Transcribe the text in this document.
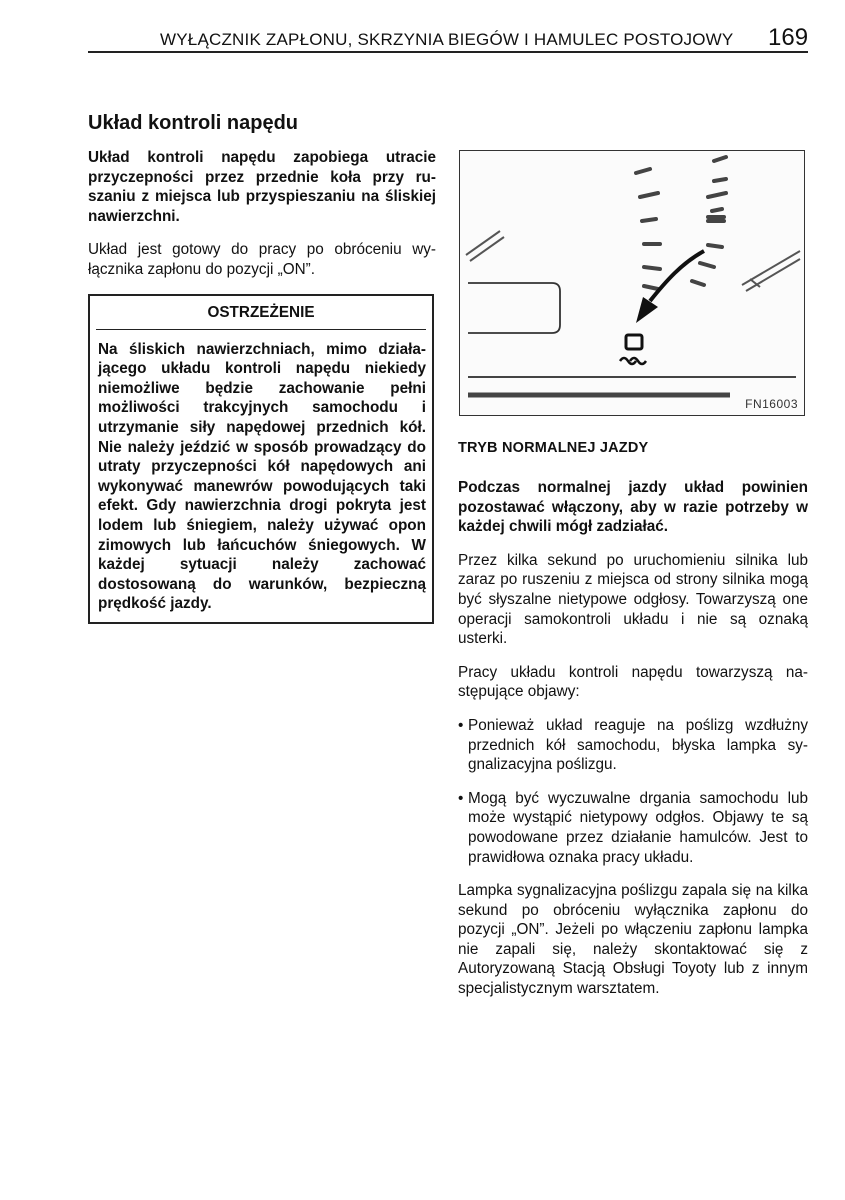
WYŁĄCZNIK ZAPŁONU, SKRZYNIA BIEGÓW I HAMULEC POSTOJOWY 169
Układ kontroli napędu

Układ kontroli napędu zapobiega utracie przyczepności przez przednie koła przy ruszaniu z miejsca lub przyspieszaniu na śliskiej nawierzchni.

Układ jest gotowy do pracy po obróceniu wyłącznika zapłonu do pozycji „ON”.

OSTRZEŻENIE
Na śliskich nawierzchniach, mimo działającego układu kontroli napędu niekiedy niemożliwe będzie zachowanie pełni możliwości trakcyjnych samochodu i utrzymanie siły napędowej przednich kół. Nie należy jeździć w sposób prowadzący do utraty przyczepności kół napędowych ani wykonywać manewrów powodujących taki efekt. Gdy nawierzchnia drogi pokryta jest lodem lub śniegiem, należy używać opon zimowych lub łańcuchów śniegowych. W każdej sytuacji należy zachować dostosowaną do warunków, bezpieczną prędkość jazdy.
FN16003
TRYB NORMALNEJ JAZDY

Podczas normalnej jazdy układ powinien pozostawać włączony, aby w razie potrzeby w każdej chwili mógł zadziałać.

Przez kilka sekund po uruchomieniu silnika lub zaraz po ruszeniu z miejsca od strony silnika mogą być słyszalne nietypowe odgłosy. Towarzyszą one operacji samokontroli układu i nie są oznaką usterki.

Pracy układu kontroli napędu towarzyszą następujące objawy:

• Ponieważ układ reaguje na poślizg wzdłużny przednich kół samochodu, błyska lampka sygnalizacyjna poślizgu.
• Mogą być wyczuwalne drgania samochodu lub może wystąpić nietypowy odgłos. Objawy te są powodowane przez działanie hamulców. Jest to prawidłowa oznaka pracy układu.

Lampka sygnalizacyjna poślizgu zapala się na kilka sekund po obróceniu wyłącznika zapłonu do pozycji „ON”. Jeżeli po włączeniu zapłonu lampka nie zapali się, należy skontaktować się z Autoryzowaną Stacją Obsługi Toyoty lub z innym specjalistycznym warsztatem.
